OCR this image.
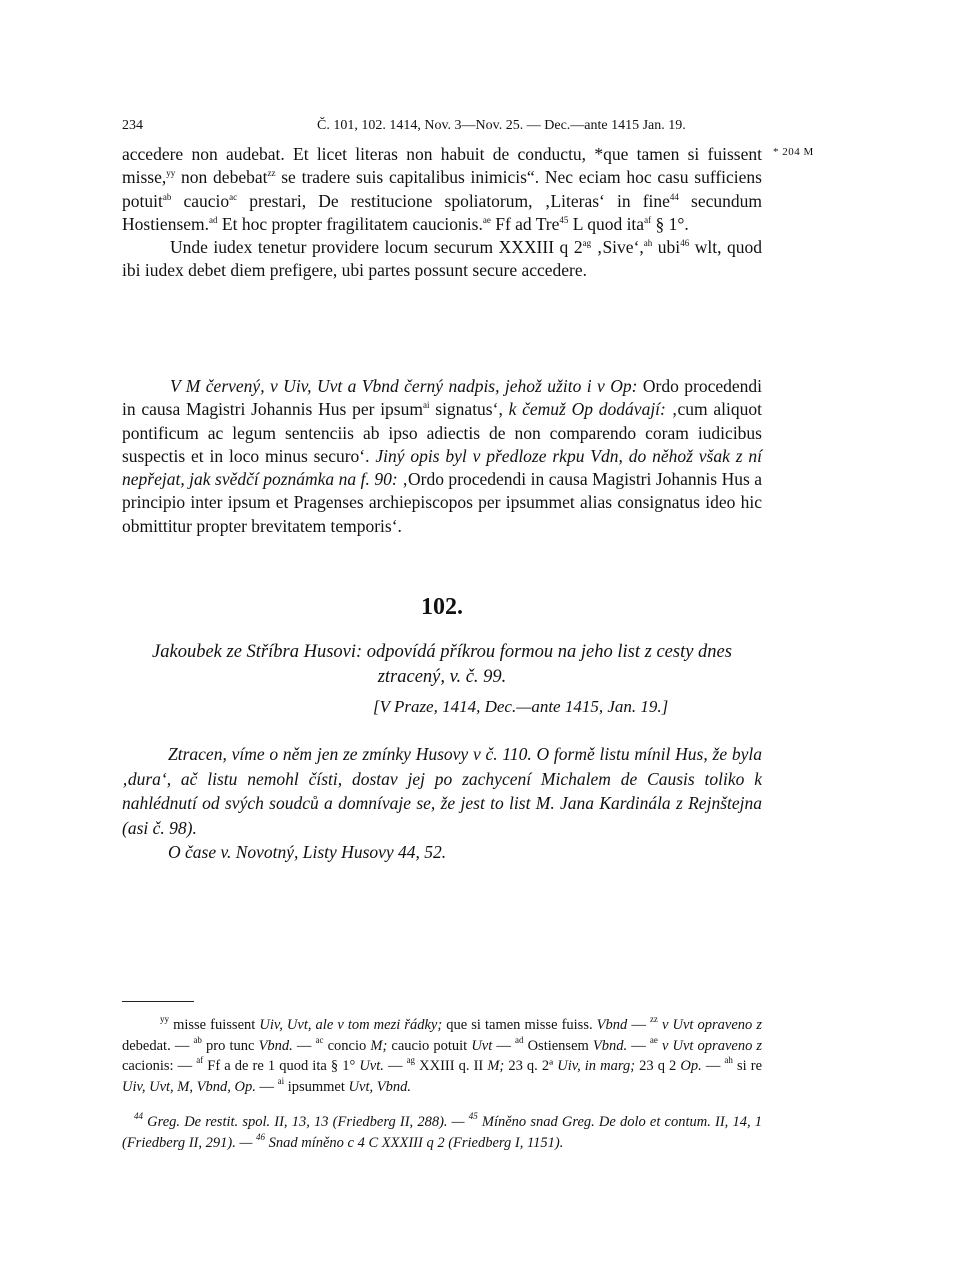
234	Č. 101, 102. 1414, Nov. 3—Nov. 25. — Dec.—ante 1415 Jan. 19.
* 204 M
accedere non audebat. Et licet literas non habuit de conductu, *que tamen si fuissent misse,$^{yy}$ non debebat$^{zz}$ se tradere suis capitalibus inimicis“. Nec eciam hoc casu sufficiens potuit$^{ab}$ caucio$^{ac}$ prestari, De restitucione spoliatorum, ‚Literas‘ in fine$^{44}$ secundum Hostiensem.$^{ad}$ Et hoc propter fragilitatem caucionis.$^{ae}$ Ff ad Tre$^{45}$ L quod ita$^{af}$ § 1°.
Unde iudex tenetur providere locum securum XXXIII q $2^{ag}$ ‚Sive‘,$^{ah}$ ubi$^{46}$ wlt, quod ibi iudex debet diem prefigere, ubi partes possunt secure accedere.
V M červený, v Uiv, Uvt a Vbnd černý nadpis, jehož užito i v Op: Ordo procedendi in causa Magistri Johannis Hus per ipsum$^{ai}$ signatus‘, k čemuž Op dodávají: ‚cum aliquot pontificum ac legum sentenciis ab ipso adiectis de non comparendo coram iudicibus suspectis et in loco minus securo‘. Jiný opis byl v předloze rkpu Vdn, do něhož však z ní nepřejat, jak svědčí poznámka na f. 90: ‚Ordo procedendi in causa Magistri Johannis Hus a principio inter ipsum et Pragenses archiepiscopos per ipsummet alias consignatus ideo hic obmittitur propter brevitatem temporis‘.
102.
Jakoubek ze Stříbra Husovi: odpovídá příkrou formou na jeho list z cesty dnes ztracený, v. č. 99.
[V Praze, 1414, Dec.—ante 1415, Jan. 19.]
Ztracen, víme o něm jen ze zmínky Husovy v č. 110. O formě listu mínil Hus, že byla ‚dura‘, ač listu nemohl čísti, dostav jej po zachycení Michalem de Causis toliko k nahlédnutí od svých soudců a domnívaje se, že jest to list M. Jana Kardinála z Rejnštejna (asi č. 98).
O čase v. Novotný, Listy Husovy 44, 52.
$^{yy}$ misse fuissent Uiv, Uvt, ale v tom mezi řádky; que si tamen misse fuiss. Vbnd — $^{zz}$ v Uvt opraveno z debedat. — $^{ab}$ pro tunc Vbnd. — $^{ac}$ concio M; caucio potuit Uvt — $^{ad}$ Ostiensem Vbnd. — $^{ae}$ v Uvt opraveno z cacionis: — $^{af}$ Ff a de re 1 quod ita § 1° Uvt. — $^{ag}$ XXIII q. II M; 23 q. 2ª Uiv, in marg; 23 q 2 Op. — $^{ah}$ si re Uiv, Uvt, M, Vbnd, Op. — $^{ai}$ ipsummet Uvt, Vbnd.
$^{44}$ Greg. De restit. spol. II, 13, 13 (Friedberg II, 288). — $^{45}$ Míněno snad Greg. De dolo et contum. II, 14, 1 (Friedberg II, 291). — $^{46}$ Snad míněno c 4 C XXXIII q 2 (Friedberg I, 1151).
